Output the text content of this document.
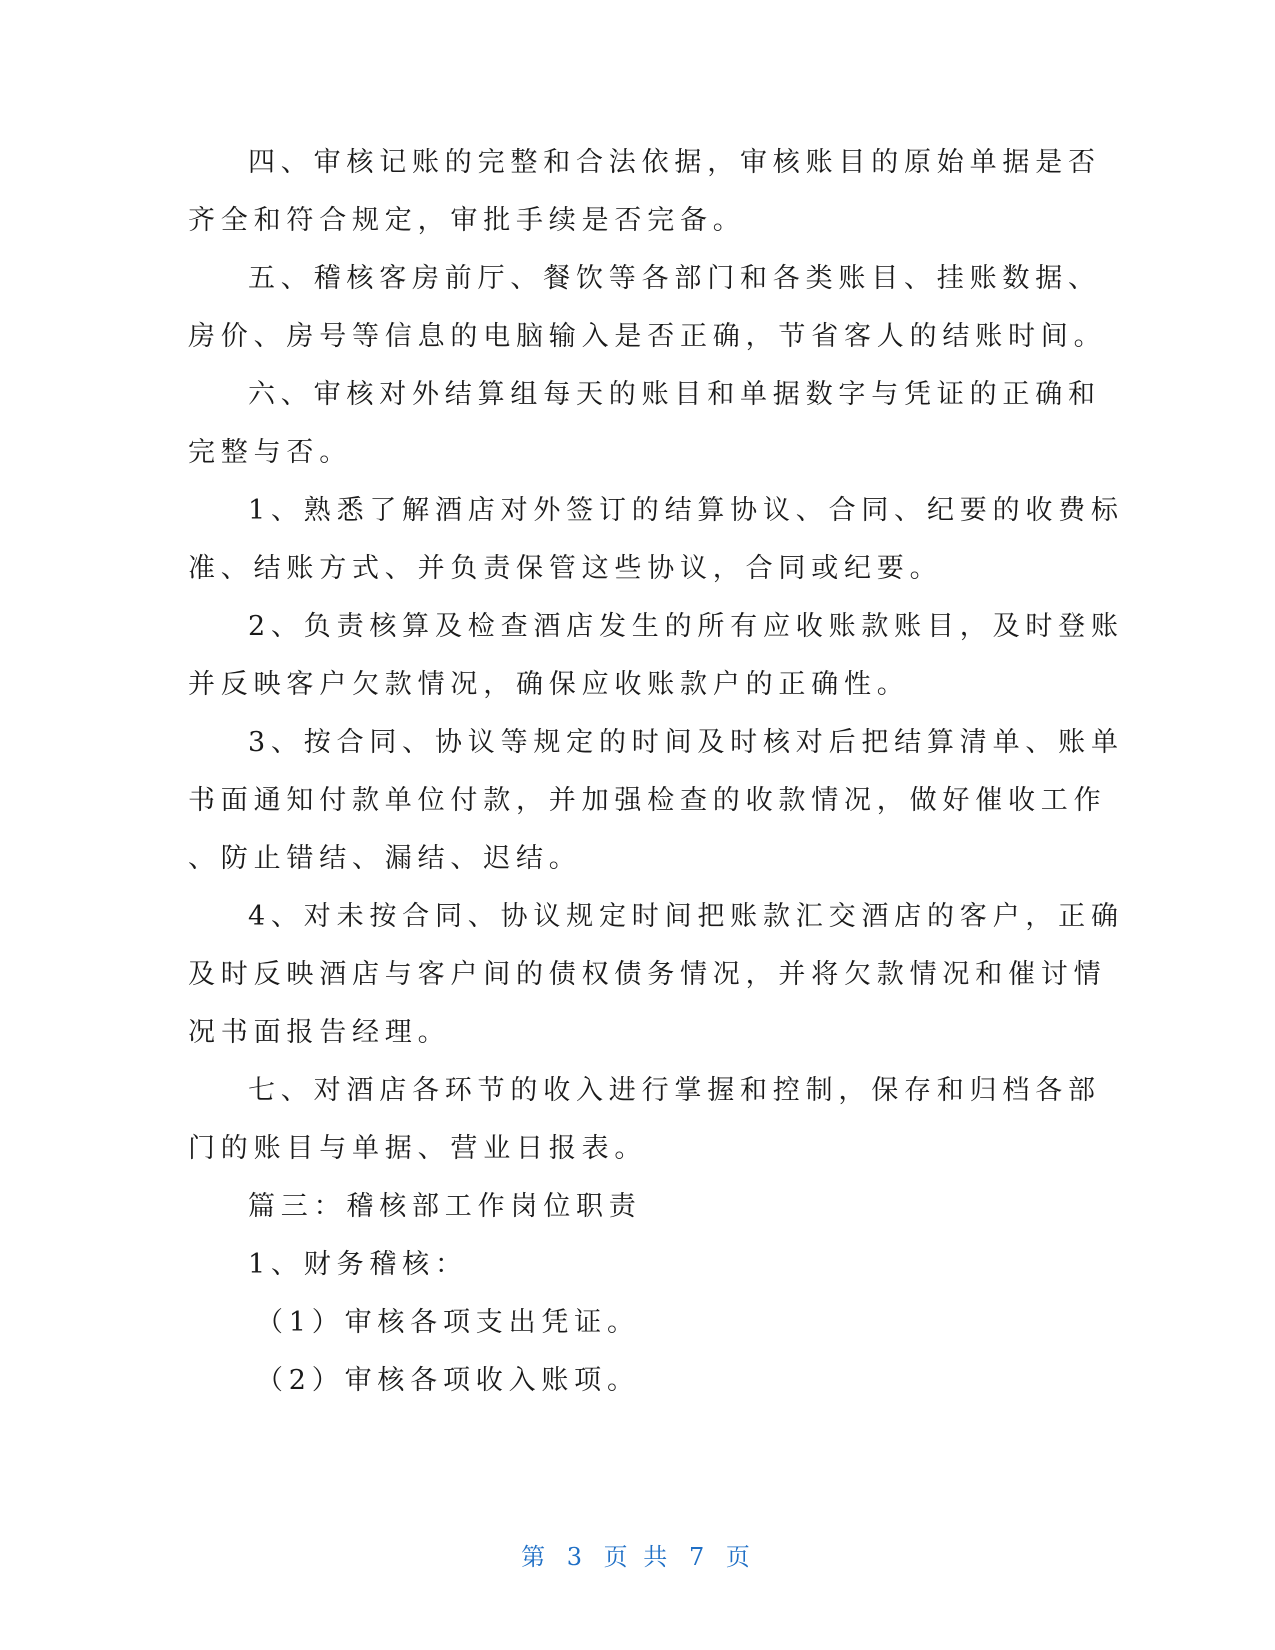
四、审核记账的完整和合法依据，审核账目的原始单据是否
齐全和符合规定，审批手续是否完备。
五、稽核客房前厅、餐饮等各部门和各类账目、挂账数据、
房价、房号等信息的电脑输入是否正确，节省客人的结账时间。
六、审核对外结算组每天的账目和单据数字与凭证的正确和
完整与否。
1、熟悉了解酒店对外签订的结算协议、合同、纪要的收费标
准、结账方式、并负责保管这些协议，合同或纪要。
2、负责核算及检查酒店发生的所有应收账款账目，及时登账
并反映客户欠款情况，确保应收账款户的正确性。
3、按合同、协议等规定的时间及时核对后把结算清单、账单
书面通知付款单位付款，并加强检查的收款情况，做好催收工作
、防止错结、漏结、迟结。
4、对未按合同、协议规定时间把账款汇交酒店的客户，正确
及时反映酒店与客户间的债权债务情况，并将欠款情况和催讨情
况书面报告经理。
七、对酒店各环节的收入进行掌握和控制，保存和归档各部
门的账目与单据、营业日报表。
篇三：稽核部工作岗位职责
1、财务稽核：
（1）审核各项支出凭证。
（2）审核各项收入账项。
第 3 页 共 7 页
